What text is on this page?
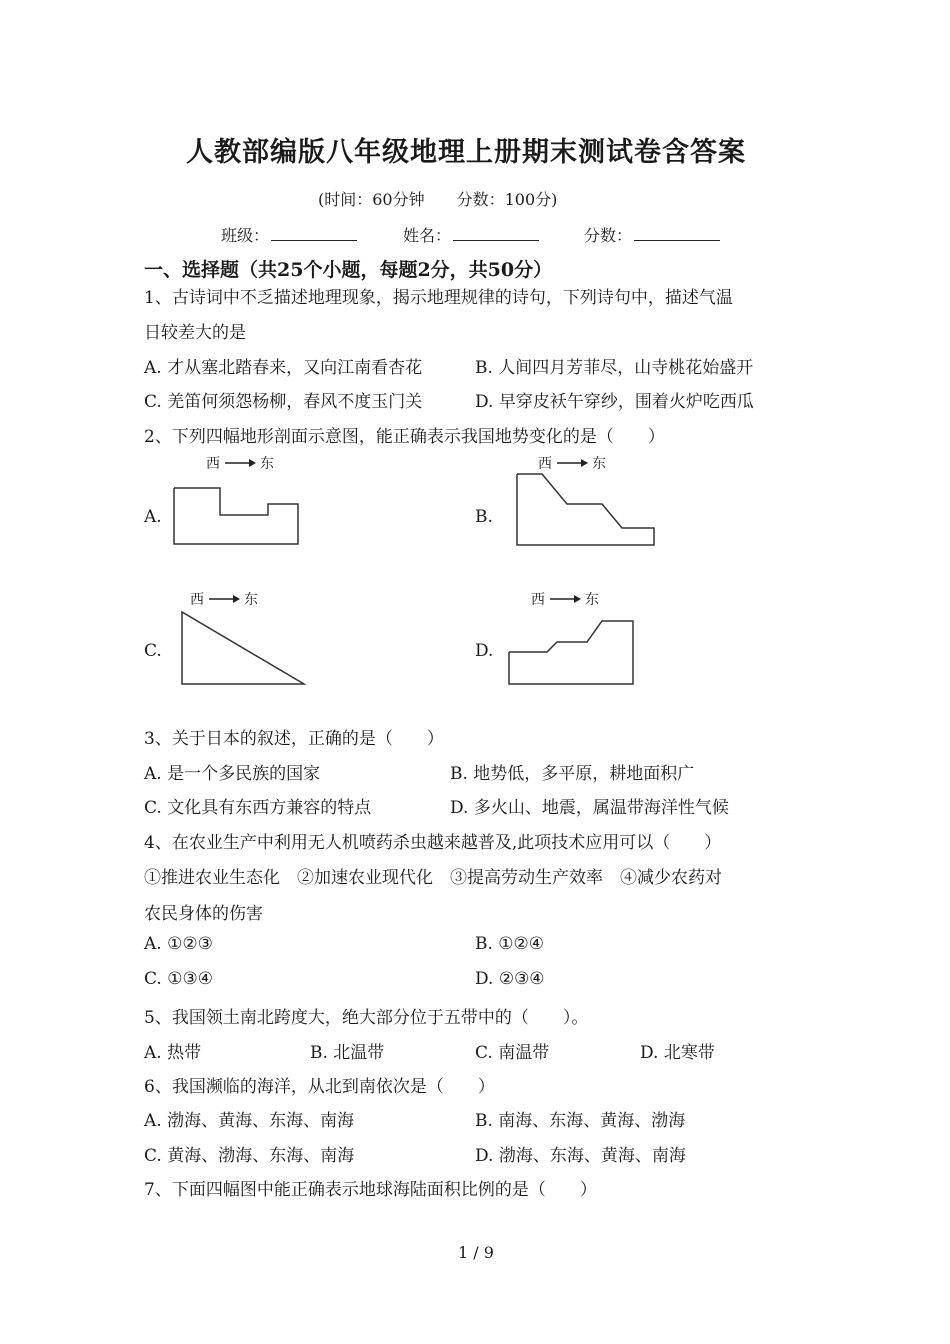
人教部编版八年级地理上册期末测试卷含答案
(时间：60分钟　　分数：100分)
班级：	姓名：	分数：
一、选择题（共25个小题，每题2分，共50分）
1、古诗词中不乏描述地理现象，揭示地理规律的诗句，下列诗句中，描述气温
日较差大的是
A. 才从塞北踏春来，又向江南看杏花	B. 人间四月芳菲尽，山寺桃花始盛开
C. 羌笛何须怨杨柳，春风不度玉门关	D. 早穿皮袄午穿纱，围着火炉吃西瓜
2、下列四幅地形剖面示意图，能正确表示我国地势变化的是（　　）
A.
西	东
B.
西	东
C.
西	东
D.
西	东
3、关于日本的叙述，正确的是（　　）
A. 是一个多民族的国家	B. 地势低，多平原，耕地面积广
C. 文化具有东西方兼容的特点	D. 多火山、地震，属温带海洋性气候
4、在农业生产中利用无人机喷药杀虫越来越普及,此项技术应用可以（　　）
①推进农业生态化　②加速农业现代化　③提高劳动生产效率　④减少农药对
农民身体的伤害
A. ①②③	B. ①②④
C. ①③④	D. ②③④
5、我国领土南北跨度大，绝大部分位于五带中的（　　）。
A. 热带	B. 北温带	C. 南温带	D. 北寒带
6、我国濒临的海洋，从北到南依次是（　　）
A. 渤海、黄海、东海、南海	B. 南海、东海、黄海、渤海
C. 黄海、渤海、东海、南海	D. 渤海、东海、黄海、南海
7、下面四幅图中能正确表示地球海陆面积比例的是（　　）
1 / 9
